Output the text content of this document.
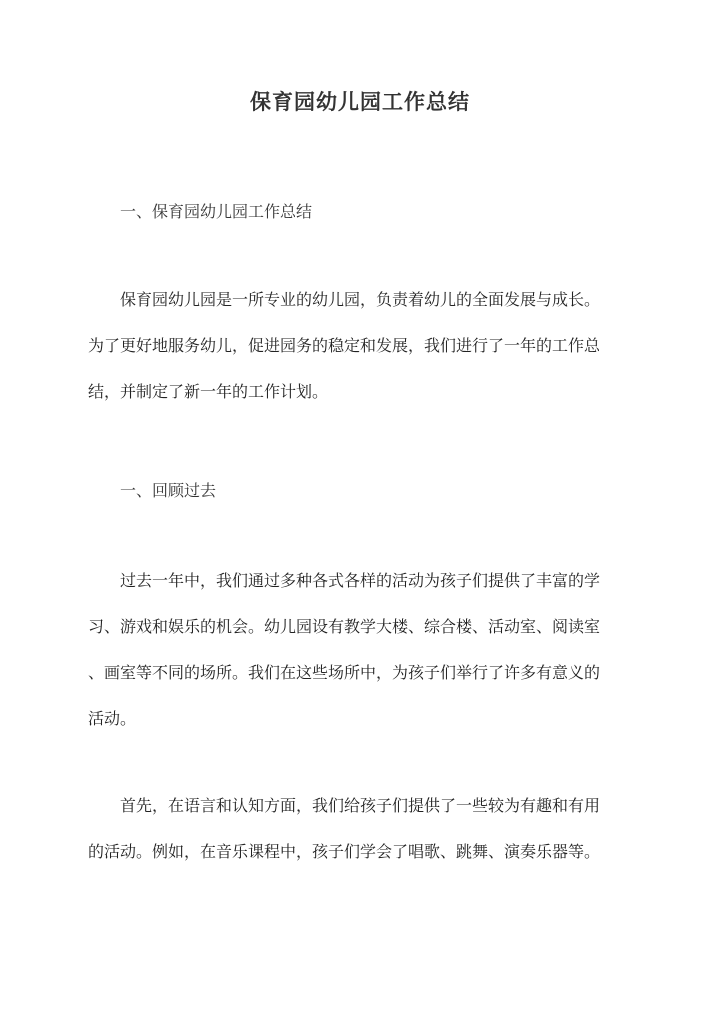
保育园幼儿园工作总结

一、保育园幼儿园工作总结

保育园幼儿园是一所专业的幼儿园，负责着幼儿的全面发展与成长。
为了更好地服务幼儿，促进园务的稳定和发展，我们进行了一年的工作总
结，并制定了新一年的工作计划。

一、回顾过去

过去一年中，我们通过多种各式各样的活动为孩子们提供了丰富的学
习、游戏和娱乐的机会。幼儿园设有教学大楼、综合楼、活动室、阅读室
、画室等不同的场所。我们在这些场所中，为孩子们举行了许多有意义的
活动。
首先，在语言和认知方面，我们给孩子们提供了一些较为有趣和有用
的活动。例如，在音乐课程中，孩子们学会了唱歌、跳舞、演奏乐器等。
